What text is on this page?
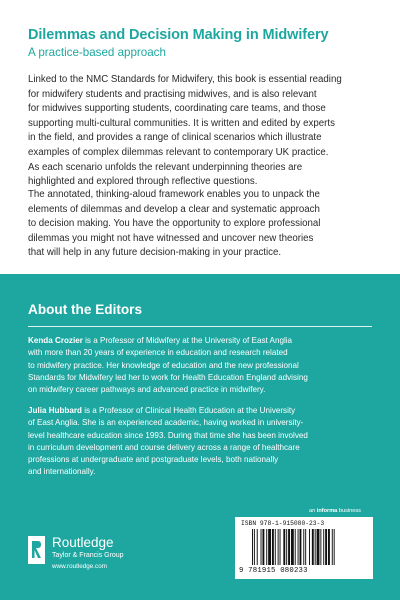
Dilemmas and Decision Making in Midwifery
A practice-based approach
Linked to the NMC Standards for Midwifery, this book is essential reading
for midwifery students and practising midwives, and is also relevant
for midwives supporting students, coordinating care teams, and those
supporting multi-cultural communities. It is written and edited by experts
in the field, and provides a range of clinical scenarios which illustrate
examples of complex dilemmas relevant to contemporary UK practice.
As each scenario unfolds the relevant underpinning theories are
highlighted and explored through reflective questions.
The annotated, thinking-aloud framework enables you to unpack the
elements of dilemmas and develop a clear and systematic approach
to decision making. You have the opportunity to explore professional
dilemmas you might not have witnessed and uncover new theories
that will help in any future decision-making in your practice.
About the Editors
Kenda Crozier is a Professor of Midwifery at the University of East Anglia
with more than 20 years of experience in education and research related
to midwifery practice. Her knowledge of education and the new professional
Standards for Midwifery led her to work for Health Education England advising
on midwifery career pathways and advanced practice in midwifery.
Julia Hubbard is a Professor of Clinical Health Education at the University
of East Anglia. She is an experienced academic, having worked in university-
level healthcare education since 1993. During that time she has been involved
in curriculum development and course delivery across a range of healthcare
professions at undergraduate and postgraduate levels, both nationally
and internationally.
an informa business
Routledge
Taylor & Francis Group
www.routledge.com
ISBN 978-1-915080-23-3
9 781915 080233
